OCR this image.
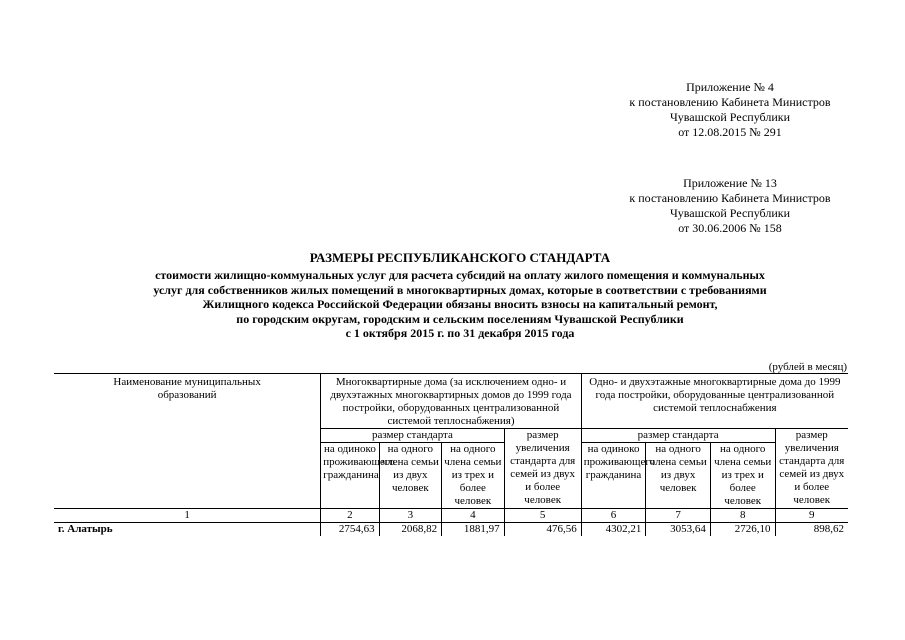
Приложение № 4
к постановлению Кабинета Министров
Чувашской Республики
от 12.08.2015 № 291
Приложение № 13
к постановлению Кабинета Министров
Чувашской Республики
от 30.06.2006 № 158
РАЗМЕРЫ РЕСПУБЛИКАНСКОГО СТАНДАРТА
стоимости жилищно-коммунальных услуг для расчета субсидий на оплату жилого помещения и коммунальных
услуг для собственников жилых помещений в многоквартирных домах, которые в соответствии с требованиями
Жилищного кодекса Российской Федерации обязаны вносить взносы на капитальный ремонт,
по городским округам, городским и сельским поселениям Чувашской Республики
с 1 октября 2015 г. по 31 декабря 2015 года
(рублей в месяц)
Наименование муниципальных образований	Многоквартирные дома (за исключением одно- и двухэтажных многоквартирных домов до 1999 года постройки, оборудованных централизованной системой теплоснабжения)				Одно- и двухэтажные многоквартирные дома до 1999 года постройки, оборудованные централизованной системой теплоснабжения			
	размер стандарта			размер увеличения стандарта для семей из двух и более человек	размер стандарта			размер увеличения стандарта для семей из двух и более человек
	на одиноко проживающего гражданина	на одного члена семьи из двух человек	на одного члена семьи из трех и более человек		на одиноко проживающего гражданина	на одного члена семьи из двух человек	на одного члена семьи из трех и более человек	
1	2	3	4	5	6	7	8	9
г. Алатырь	2754,63	2068,82	1881,97	476,56	4302,21	3053,64	2726,10	898,62
